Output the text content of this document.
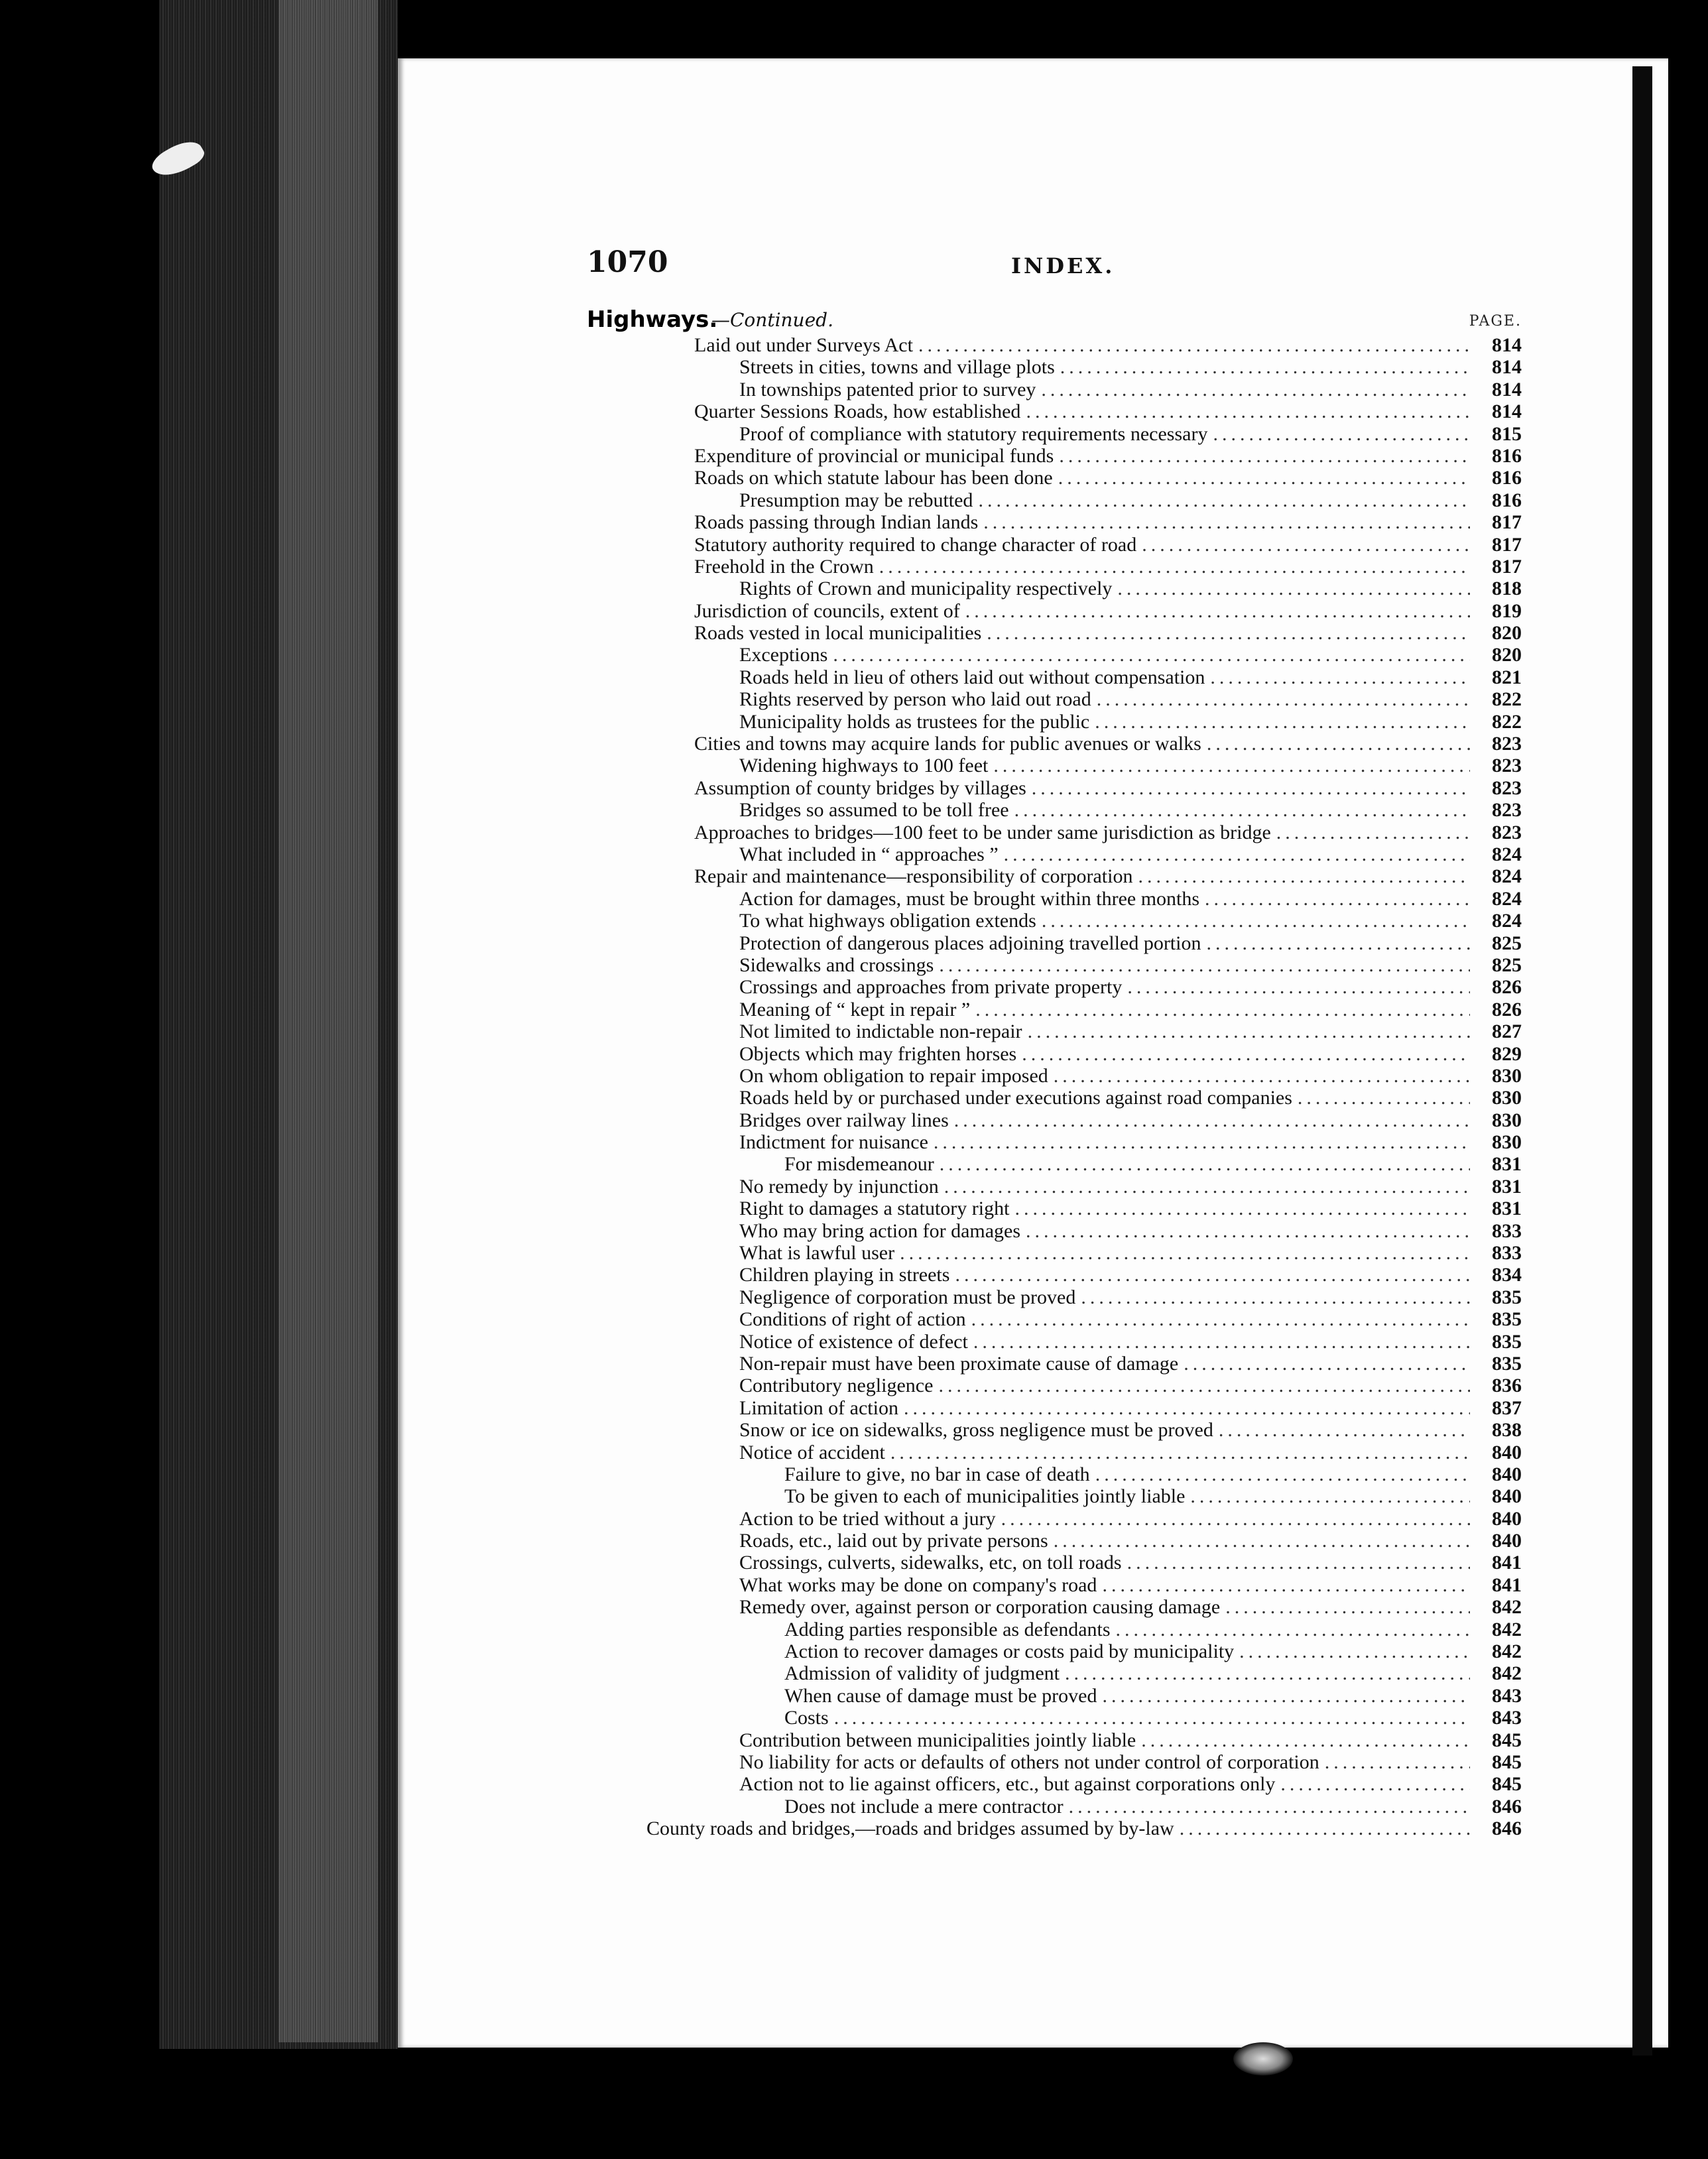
1070	INDEX.
Highways.
—Continued.	PAGE.
Laid out under Surveys Act .....	814
Streets in cities, towns and village plots .....	814
In townships patented prior to survey .....	814
Quarter Sessions Roads, how established .....	814
Proof of compliance with statutory requirements necessary .....	815
Expenditure of provincial or municipal funds .....	816
Roads on which statute labour has been done .....	816
Presumption may be rebutted .....	816
Roads passing through Indian lands .....	817
Statutory authority required to change character of road .....	817
Freehold in the Crown .....	817
Rights of Crown and municipality respectively .....	818
Jurisdiction of councils, extent of .....	819
Roads vested in local municipalities .....	820
Exceptions .....	820
Roads held in lieu of others laid out without compensation .....	821
Rights reserved by person who laid out road .....	822
Municipality holds as trustees for the public .....	822
Cities and towns may acquire lands for public avenues or walks .....	823
Widening highways to 100 feet .....	823
Assumption of county bridges by villages .....	823
Bridges so assumed to be toll free .....	823
Approaches to bridges—100 feet to be under same jurisdiction as bridge .....	823
What included in “ approaches ” .....	824
Repair and maintenance—responsibility of corporation .....	824
Action for damages, must be brought within three months .....	824
To what highways obligation extends .....	824
Protection of dangerous places adjoining travelled portion .....	825
Sidewalks and crossings .....	825
Crossings and approaches from private property .....	826
Meaning of “ kept in repair ” .....	826
Not limited to indictable non-repair .....	827
Objects which may frighten horses .....	829
On whom obligation to repair imposed .....	830
Roads held by or purchased under executions against road companies .....	830
Bridges over railway lines .....	830
Indictment for nuisance .....	830
For misdemeanour .....	831
No remedy by injunction .....	831
Right to damages a statutory right .....	831
Who may bring action for damages .....	833
What is lawful user .....	833
Children playing in streets .....	834
Negligence of corporation must be proved .....	835
Conditions of right of action .....	835
Notice of existence of defect .....	835
Non-repair must have been proximate cause of damage .....	835
Contributory negligence .....	836
Limitation of action .....	837
Snow or ice on sidewalks, gross negligence must be proved .....	838
Notice of accident .....	840
Failure to give, no bar in case of death .....	840
To be given to each of municipalities jointly liable .....	840
Action to be tried without a jury .....	840
Roads, etc., laid out by private persons .....	840
Crossings, culverts, sidewalks, etc, on toll roads .....	841
What works may be done on company's road .....	841
Remedy over, against person or corporation causing damage .....	842
Adding parties responsible as defendants .....	842
Action to recover damages or costs paid by municipality .....	842
Admission of validity of judgment .....	842
When cause of damage must be proved .....	843
Costs .....	843
Contribution between municipalities jointly liable .....	845
No liability for acts or defaults of others not under control of corporation .....	845
Action not to lie against officers, etc., but against corporations only .....	845
Does not include a mere contractor .....	846
County roads and bridges,—roads and bridges assumed by by-law .....	846
